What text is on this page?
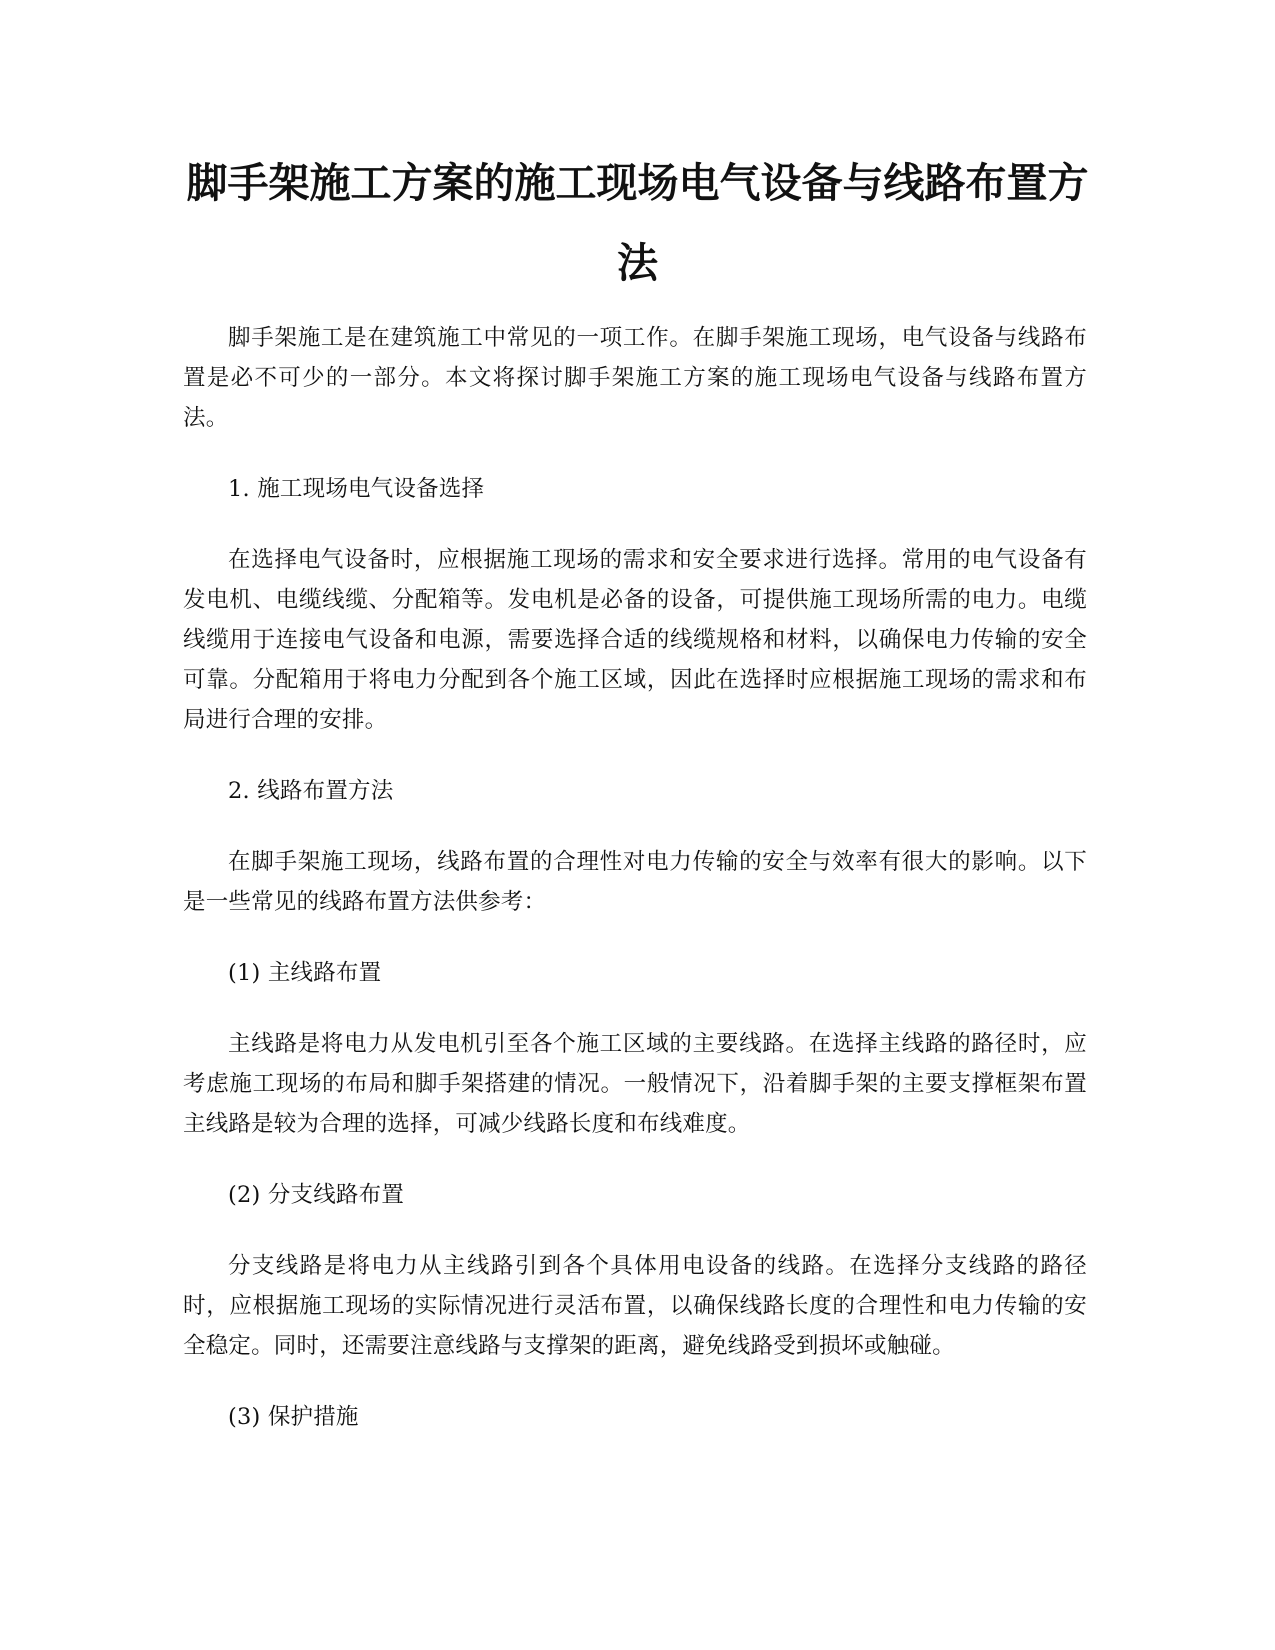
脚手架施工方案的施工现场电气设备与线路布置方法

脚手架施工是在建筑施工中常见的一项工作。在脚手架施工现场，电气设备与线路布置是必不可少的一部分。本文将探讨脚手架施工方案的施工现场电气设备与线路布置方法。

1. 施工现场电气设备选择

在选择电气设备时，应根据施工现场的需求和安全要求进行选择。常用的电气设备有发电机、电缆线缆、分配箱等。发电机是必备的设备，可提供施工现场所需的电力。电缆线缆用于连接电气设备和电源，需要选择合适的线缆规格和材料，以确保电力传输的安全可靠。分配箱用于将电力分配到各个施工区域，因此在选择时应根据施工现场的需求和布局进行合理的安排。

2. 线路布置方法

在脚手架施工现场，线路布置的合理性对电力传输的安全与效率有很大的影响。以下是一些常见的线路布置方法供参考：

(1) 主线路布置

主线路是将电力从发电机引至各个施工区域的主要线路。在选择主线路的路径时，应考虑施工现场的布局和脚手架搭建的情况。一般情况下，沿着脚手架的主要支撑框架布置主线路是较为合理的选择，可减少线路长度和布线难度。

(2) 分支线路布置

分支线路是将电力从主线路引到各个具体用电设备的线路。在选择分支线路的路径时，应根据施工现场的实际情况进行灵活布置，以确保线路长度的合理性和电力传输的安全稳定。同时，还需要注意线路与支撑架的距离，避免线路受到损坏或触碰。

(3) 保护措施
